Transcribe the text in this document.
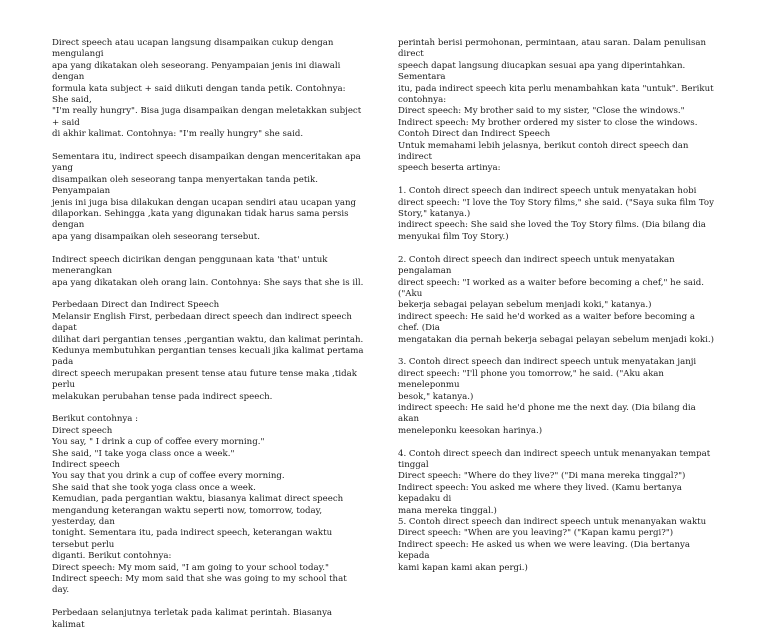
Direct speech atau ucapan langsung disampaikan cukup dengan mengulangi

apa yang dikatakan oleh seseorang. Penyampaian jenis ini diawali dengan

formula kata subject + said diikuti dengan tanda petik. Contohnya: She said,

"I'm really hungry". Bisa juga disampaikan dengan meletakkan subject + said

di akhir kalimat. Contohnya: "I'm really hungry" she said.

Sementara itu, indirect speech disampaikan dengan menceritakan apa yang

disampaikan oleh seseorang tanpa menyertakan tanda petik. Penyampaian

jenis ini juga bisa dilakukan dengan ucapan sendiri atau ucapan yang

dilaporkan. Sehingga ,kata yang digunakan tidak harus sama persis dengan

apa yang disampaikan oleh seseorang tersebut.

Indirect speech dicirikan dengan penggunaan kata 'that' untuk menerangkan

apa yang dikatakan oleh orang lain. Contohnya: She says that she is ill.

Perbedaan Direct dan Indirect Speech

Melansir English First, perbedaan direct speech dan indirect speech dapat

dilihat dari pergantian tenses ,pergantian waktu, dan kalimat perintah.

Kedunya membutuhkan pergantian tenses kecuali jika kalimat pertama pada

direct speech merupakan present tense atau future tense maka ,tidak perlu

melakukan perubahan tense pada indirect speech.

Berikut contohnya :

Direct speech

You say, " I drink a cup of coffee every morning."

She said, "I take yoga class once a week."

Indirect speech

You say that you drink a cup of coffee every morning.

She said that she took yoga class once a week.

Kemudian, pada pergantian waktu, biasanya kalimat direct speech

mengandung keterangan waktu seperti now, tomorrow, today, yesterday, dan

tonight. Sementara itu, pada indirect speech, keterangan waktu tersebut perlu

diganti. Berikut contohnya:

Direct speech: My mom said, "I am going to your school today."

Indirect speech: My mom said that she was going to my school that day.

Perbedaan selanjutnya terletak pada kalimat perintah. Biasanya kalimat

perintah berisi permohonan, permintaan, atau saran. Dalam penulisan direct

speech dapat langsung diucapkan sesuai apa yang diperintahkan. Sementara

itu, pada indirect speech kita perlu menambahkan kata "untuk". Berikut

contohnya:

Direct speech: My brother said to my sister, "Close the windows."

Indirect speech: My brother ordered my sister to close the windows.

Contoh Direct dan Indirect Speech

Untuk memahami lebih jelasnya, berikut contoh direct speech dan indirect

speech beserta artinya:

1. Contoh direct speech dan indirect speech untuk menyatakan hobi

direct speech: "I love the Toy Story films," she said. ("Saya suka film Toy

Story," katanya.)

indirect speech: She said she loved the Toy Story films. (Dia bilang dia

menyukai film Toy Story.)

2. Contoh direct speech dan indirect speech untuk menyatakan pengalaman

direct speech: "I worked as a waiter before becoming a chef," he said. ("Aku

bekerja sebagai pelayan sebelum menjadi koki," katanya.)

indirect speech: He said he'd worked as a waiter before becoming a chef. (Dia

mengatakan dia pernah bekerja sebagai pelayan sebelum menjadi koki.)

3. Contoh direct speech dan indirect speech untuk menyatakan janji

direct speech: "I'll phone you tomorrow," he said. ("Aku akan meneleponmu

besok," katanya.)

indirect speech: He said he'd phone me the next day. (Dia bilang dia akan

meneleponku keesokan harinya.)

4. Contoh direct speech dan indirect speech untuk menanyakan tempat tinggal

Direct speech: "Where do they live?" ("Di mana mereka tinggal?")

Indirect speech: You asked me where they lived. (Kamu bertanya kepadaku di

mana mereka tinggal.)

5. Contoh direct speech dan indirect speech untuk menanyakan waktu

Direct speech: "When are you leaving?" ("Kapan kamu pergi?")

Indirect speech: He asked us when we were leaving. (Dia bertanya kepada

kami kapan kami akan pergi.)
